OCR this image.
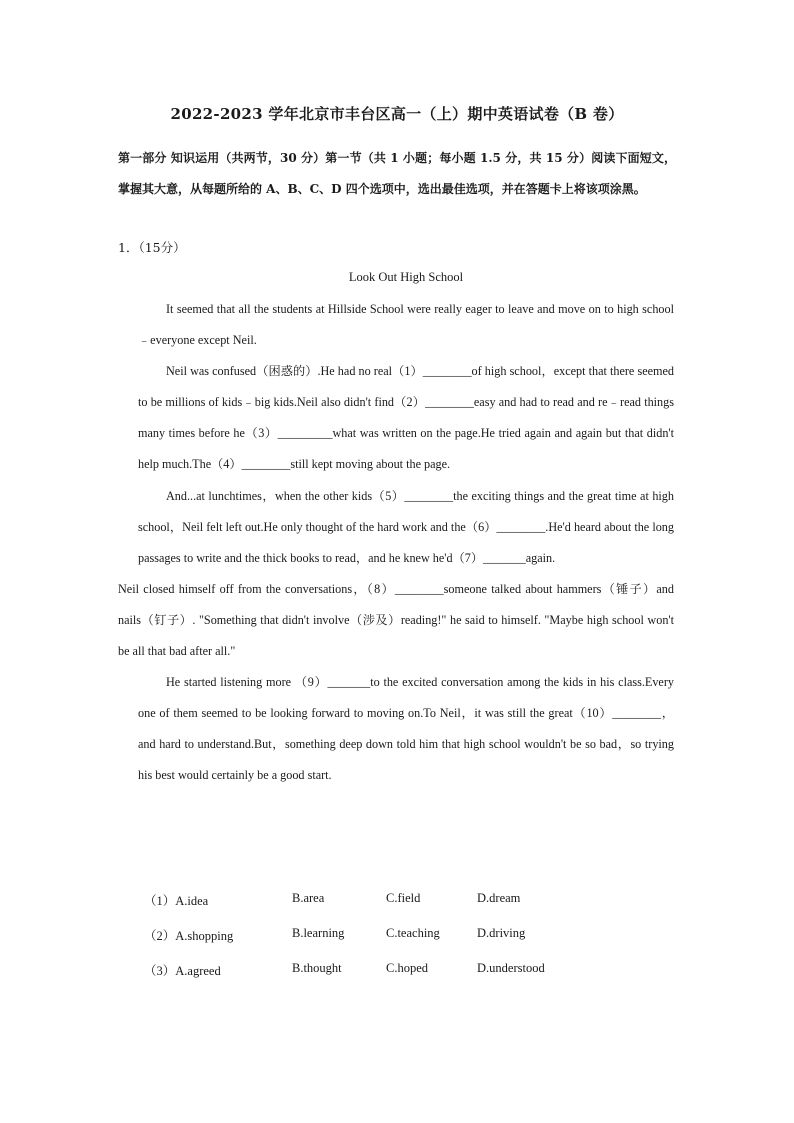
2022-2023 学年北京市丰台区高一（上）期中英语试卷（B 卷）
第一部分 知识运用（共两节，30 分）第一节（共 1 小题；每小题 1.5 分，共 15 分）阅读下面短文，掌握其大意，从每题所给的 A、B、C、D 四个选项中，选出最佳选项，并在答题卡上将该项涂黑。
1．（15分）
Look Out High School

It seemed that all the students at Hillside School were really eager to leave and move on to high school﹣everyone except Neil.

Neil was confused（困惑的）.He had no real（1）________of high school，except that there seemed to be millions of kids﹣big kids.Neil also didn't find（2）________easy and had to read and re﹣read things many times before he（3）_________what was written on the page.He tried again and again but that didn't help much.The（4）________still kept moving about the page.

And...at lunchtimes，when the other kids（5）________the exciting things and the great time at high school，Neil felt left out.He only thought of the hard work and the（6）________.He'd heard about the long passages to write and the thick books to read，and he knew he'd（7）_______again.

Neil closed himself off from the conversations，（8）________someone talked about hammers（锤子）and nails（钉子）. "Something that didn't involve（涉及）reading!" he said to himself. "Maybe high school won't be all that bad after all."

He started listening more （9）_______to the excited conversation among the kids in his class.Every one of them seemed to be looking forward to moving on.To Neil，it was still the great（10）________，and hard to understand.But，something deep down told him that high school wouldn't be so bad，so trying his best would certainly be a good start.

（1）A.idea	B.area	C.field	D.dream
（2）A.shopping	B.learning	C.teaching	D.driving
（3）A.agreed	B.thought	C.hoped	D.understood
